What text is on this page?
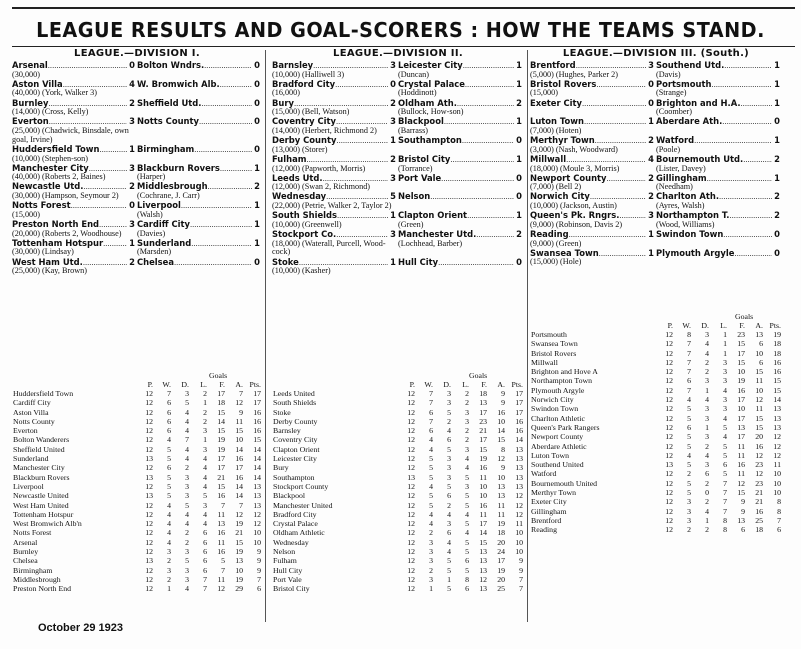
LEAGUE RESULTS AND GOAL-SCORERS : HOW THE TEAMS STAND.
LEAGUE.—DIVISION I.
Arsenal .....	0 Bolton Wndrs. .....	0
(30,000)
Aston Villa .....	4 W. Bromwich Alb. .....	0
(40,000) (York, Walker 3)
Burnley .....	2 Sheffield Utd. .....	0
(14,000) (Cross, Kelly)
Everton .....	3 Notts County .....	0
(25,000) (Chadwick, Binsdale, own goal, Irvine)
Huddersfield Town .....	1 Birmingham .....	0
(10,000) (Stephen-son)
Manchester City .....	3 Blackburn Rovers .....	1
(40,000) (Roberts 2, Baines)	(Harper)
Newcastle Utd. .....	2 Middlesbrough .....	2
(30,000) (Hampson, Seymour 2)	(Cochrane, J. Carr)
Notts Forest .....	0 Liverpool .....	1
(15,000)	(Walsh)
Preston North End .....	3 Cardiff City .....	1
(20,000) (Roberts 2, Woodhouse)	(Davies)
Tottenham Hotspur .....	1 Sunderland .....	1
(30,000) (Lindsay)	(Marsden)
West Ham Utd. .....	2 Chelsea .....	0
(25,000) (Kay, Brown)
LEAGUE.—DIVISION II.
Barnsley .....	3 Leicester City .....	1
(10,000) (Halliwell 3)	(Duncan)
Bradford City .....	0 Crystal Palace .....	1
(16,000)	(Hoddinott)
Bury .....	2 Oldham Ath. .....	2
(15,000) (Bell, Watson)	(Bullock, How-son)
Coventry City .....	3 Blackpool .....	1
(14,000) (Herbert, Richmond 2)	(Barrass)
Derby County .....	1 Southampton .....	0
(13,000) (Storer)
Fulham .....	2 Bristol City .....	1
(12,000) (Papworth, Morris)	(Torrance)
Leeds Utd. .....	3 Port Vale .....	0
(12,000) (Swan 2, Richmond)
Wednesday .....	5 Nelson .....	0
(22,000) (Petrie, Walker 2, Taylor 2)
South Shields .....	1 Clapton Orient .....	1
(10,000) (Greenwell)	(Green)
Stockport Co. .....	3 Manchester Utd. .....	2
(18,000) (Waterall, Purcell, Wood-cock)
(Lochhead, Barber)
Stoke .....	1 Hull City .....	0
(10,000) (Kasher)
LEAGUE.—DIVISION III. (South.)
Brentford .....	3 Southend Utd. .....	1
(5,000) (Hughes, Parker 2)	(Davis)
Bristol Rovers .....	0 Portsmouth .....	1
(15,000)	(Strange)
Exeter City .....	0 Brighton and H.A. .....	1
(Coomber)
Luton Town .....	1 Aberdare Ath. .....	0
(7,000) (Hoten)
Merthyr Town .....	2 Watford .....	1
(3,000) (Nash, Woodward)	(Poole)
Millwall .....	4 Bournemouth Utd. .....	2
(18,000) (Moule 3, Morris)	(Lister, Davey)
Newport County .....	2 Gillingham .....	1
(7,000) (Bell 2)	(Needham)
Norwich City .....	2 Charlton Ath. .....	2
(10,000) (Jackson, Austin)	(Ayres, Walsh)
Queen's Pk. Rngrs. .....	3 Northampton T. .....	2
(9,000) (Robinson, Davis 2)	(Wood, Williams)
Reading .....	1 Swindon Town .....	0
(9,000) (Green)
Swansea Town .....	1 Plymouth Argyle .....	0
(15,000) (Hole)
Goals	Goals
Goals
	P.	W.	D.	L.	F.	A.	Pts.
Huddersfield Town	12	7	3	2	17	7	17
Cardiff City	12	6	5	1	18	12	17
Aston Villa	12	6	4	2	15	9	16
Notts County	12	6	4	2	14	11	16
Everton	12	6	4	3	15	15	16
Bolton Wanderers	12	4	7	1	19	10	15
Sheffield United	12	5	4	3	19	14	14
Sunderland	13	5	4	4	17	16	14
Manchester City	12	6	2	4	17	17	14
Blackburn Rovers	13	5	3	4	21	16	14
Liverpool	12	5	3	4	15	14	13
Newcastle United	13	5	3	5	16	14	13
West Ham United	12	4	5	3	7	7	13
Tottenham Hotspur	12	4	4	4	11	12	12
West Bromwich Alb'n	12	4	4	4	13	19	12
Notts Forest	12	4	2	6	16	21	10
Arsenal	12	4	2	6	11	15	10
Burnley	12	3	3	6	16	19	9
Chelsea	13	2	5	6	5	13	9
Birmingham	12	3	3	6	7	10	9
Middlesbrough	12	2	3	7	11	19	7
Preston North End	12	1	4	7	12	29	6
	P.	W.	D.	L.	F.	A.	Pts.
Leeds United	12	7	3	2	18	9	17
South Shields	12	7	3	2	13	9	17
Stoke	12	6	5	3	17	16	17
Derby County	12	7	2	3	23	10	16
Barnsley	12	6	4	2	21	14	16
Coventry City	12	4	6	2	17	15	14
Clapton Orient	12	4	5	3	15	8	13
Leicester City	12	5	3	4	19	12	13
Bury	12	5	3	4	16	9	13
Southampton	13	5	3	5	11	10	13
Stockport County	12	4	5	3	10	13	13
Blackpool	12	5	6	5	10	13	12
Manchester United	12	5	2	5	16	11	12
Bradford City	12	4	4	4	11	11	12
Crystal Palace	12	4	3	5	17	19	11
Oldham Athletic	12	2	6	4	14	18	10
Wednesday	12	3	4	5	15	20	10
Nelson	12	3	4	5	13	24	10
Fulham	12	3	5	6	13	17	9
Hull City	12	2	5	5	13	19	9
Port Vale	12	3	1	8	12	20	7
Bristol City	12	1	5	6	13	25	7
	P.	W.	D.	L.	F.	A.	Pts.
Portsmouth	12	8	3	1	23	13	19
Swansea Town	12	7	4	1	15	6	18
Bristol Rovers	12	7	4	1	17	10	18
Millwall	12	7	2	3	15	6	16
Brighton and Hove A	12	7	2	3	10	15	16
Northampton Town	12	6	3	3	19	11	15
Plymouth Argyle	12	7	1	4	16	10	15
Norwich City	12	4	4	3	17	12	14
Swindon Town	12	5	3	3	10	11	13
Charlton Athletic	12	5	3	4	17	15	13
Queen's Park Rangers	12	6	1	5	13	15	13
Newport County	12	5	3	4	17	20	12
Aberdare Athletic	12	5	2	5	11	16	12
Luton Town	12	4	4	5	11	12	12
Southend United	13	5	3	6	16	23	11
Watford	12	2	6	5	11	12	10
Bournemouth United	12	5	2	7	12	23	10
Merthyr Town	12	5	0	7	15	21	10
Exeter City	12	3	2	7	9	21	8
Gillingham	12	3	4	7	9	16	8
Brentford	12	3	1	8	13	25	7
Reading	12	2	2	8	6	18	6
October 29 1923
